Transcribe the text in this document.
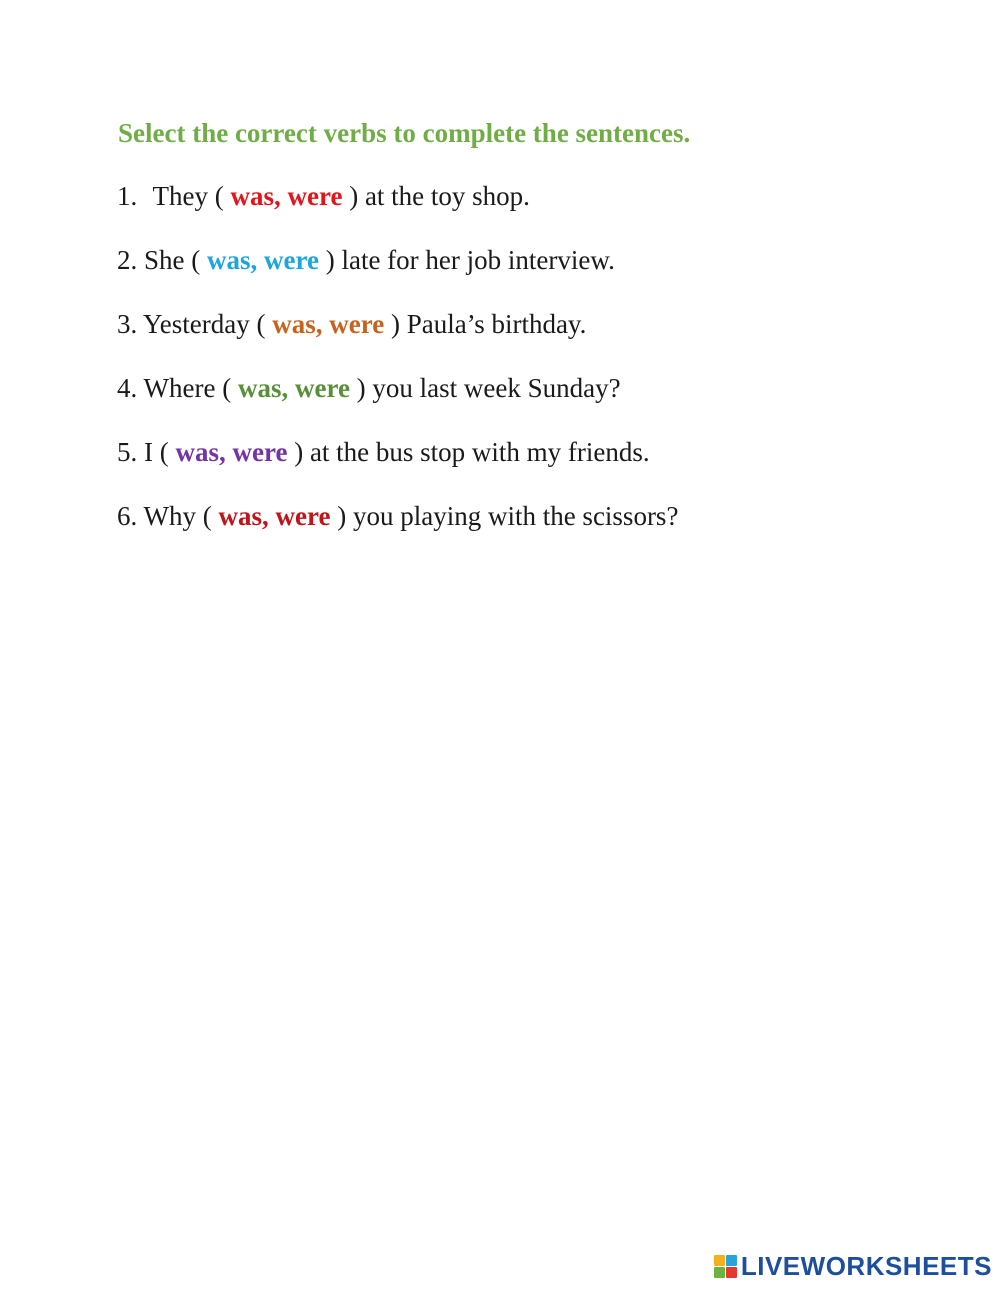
Select the correct verbs to complete the sentences.

1. They ( was, were ) at the toy shop.

2. She ( was, were ) late for her job interview.

3. Yesterday ( was, were ) Paula’s birthday.

4. Where ( was, were ) you last week Sunday?

5. I ( was, were ) at the bus stop with my friends.

6. Why ( was, were ) you playing with the scissors?

LIVEWORKSHEETS
